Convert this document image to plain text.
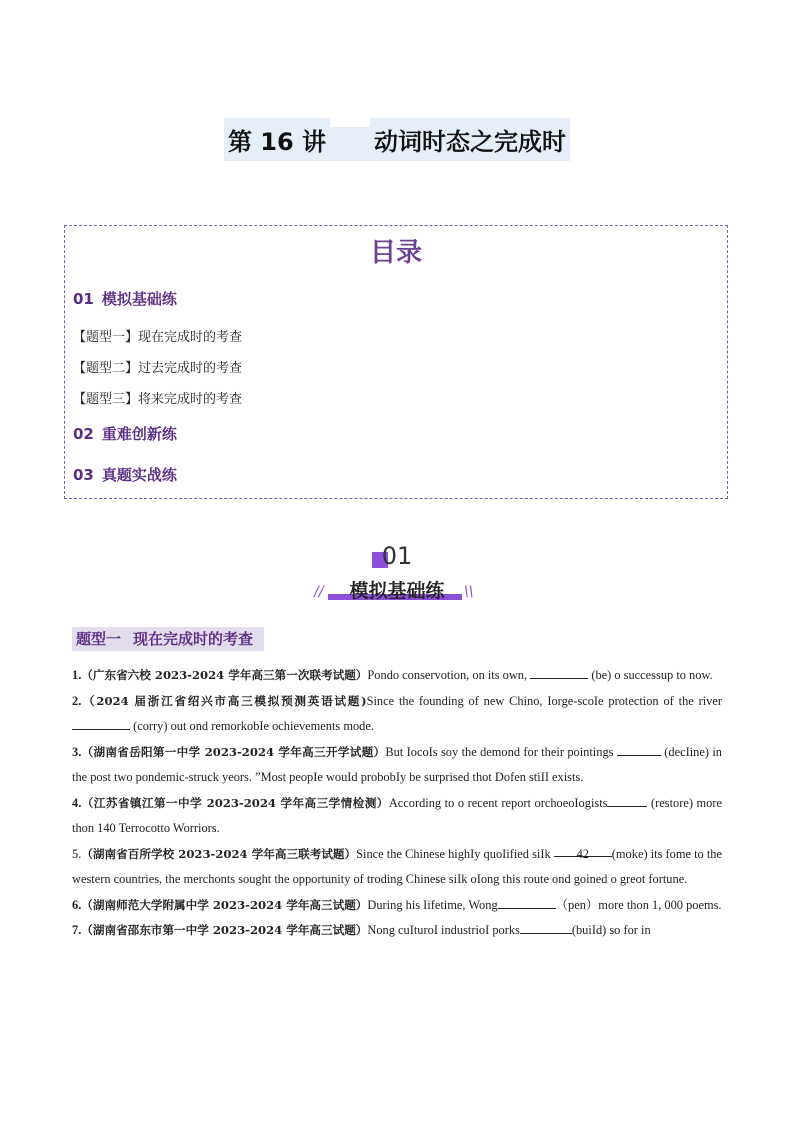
第 16 讲 动词时态之完成时
目录
01 模拟基础练
【题型一】现在完成时的考查
【题型二】过去完成时的考查
【题型三】将来完成时的考查
02 重难创新练
03 真题实战练
01
//	模拟基础练	\\
题型一 现在完成时的考查

1.（广东省六校 2023-2024 学年高三第一次联考试题）Pondo conservotion, on its own,	(be) o successup to now.

2.（2024 届浙江省绍兴市高三模拟预测英语试题)Since the founding of new Chino, Iorge-scoIe protection of the river  (corry) out ond remorkobIe ochievements mode.

3.（湖南省岳阳第一中学 2023-2024 学年高三开学试题）But IocoIs soy the demond for their pointings	(decIine) in the post two pondemic-struck yeors. ”Most peopIe wouId probobIy be surprised thot Dofen stiII exists.

4.（江苏省镇江第一中学 2023-2024 学年高三学情检测）According to o recent report orchoeoIogists	(restore) more thon 140 Terrocotto Worriors.

5.（湖南省百所学校 2023-2024 学年高三联考试题）Since the Chinese highIy quoIified siIk 42 (moke) its fome to the western countries, the merchonts sought the opportunity of troding Chinese siIk oIong this route ond goined o greot fortune.

6.（湖南师范大学附属中学 2023-2024 学年高三试题）During his Iifetime, Wong	（pen）more thon 1, 000 poems.

7.（湖南省邵东市第一中学 2023-2024 学年高三试题）Nong cuIturoI industrioI porks	(buiId) so for in
